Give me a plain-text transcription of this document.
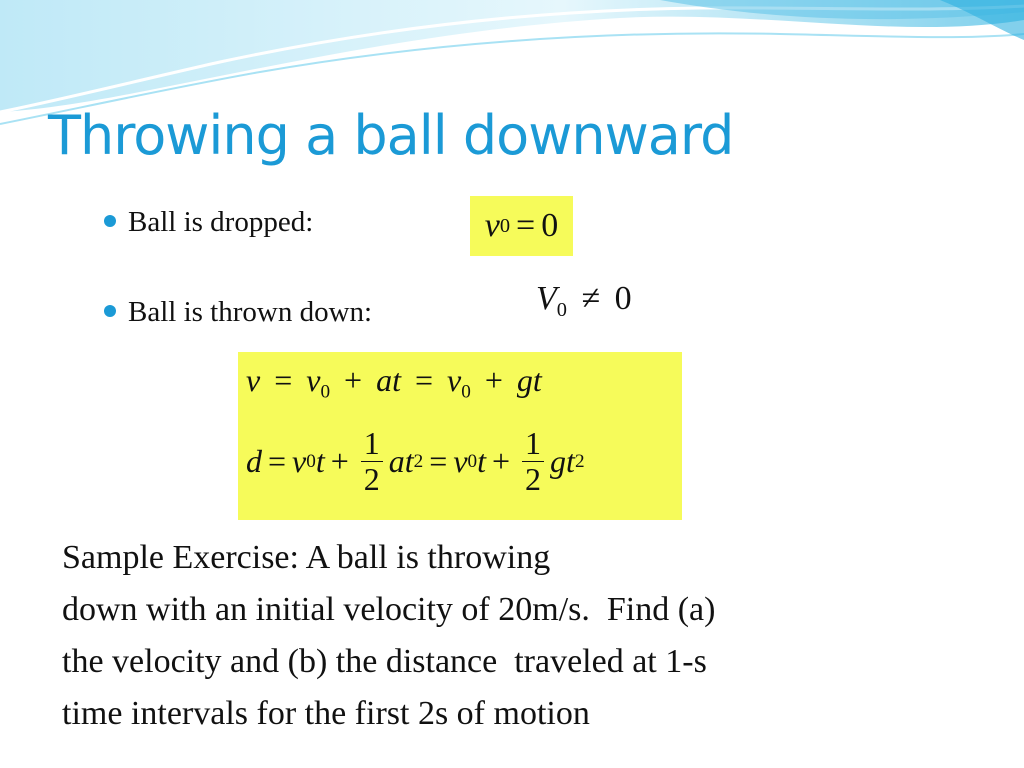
Throwing a ball downward
Ball is dropped:
Ball is thrown down:
v 0 = 0
$V_0 \ne 0$
$v = v_0$ + at = $v_0$ + gt
d = v 0 $t + \frac{1}{2}$ a t 2 = v 0 $t + \frac{1}{2}$ g t 2
Sample Exercise: A ball is throwing
down with an initial velocity of 20m/s.  Find (a)
the velocity and (b) the distance  traveled at 1-s
time intervals for the first 2s of motion
